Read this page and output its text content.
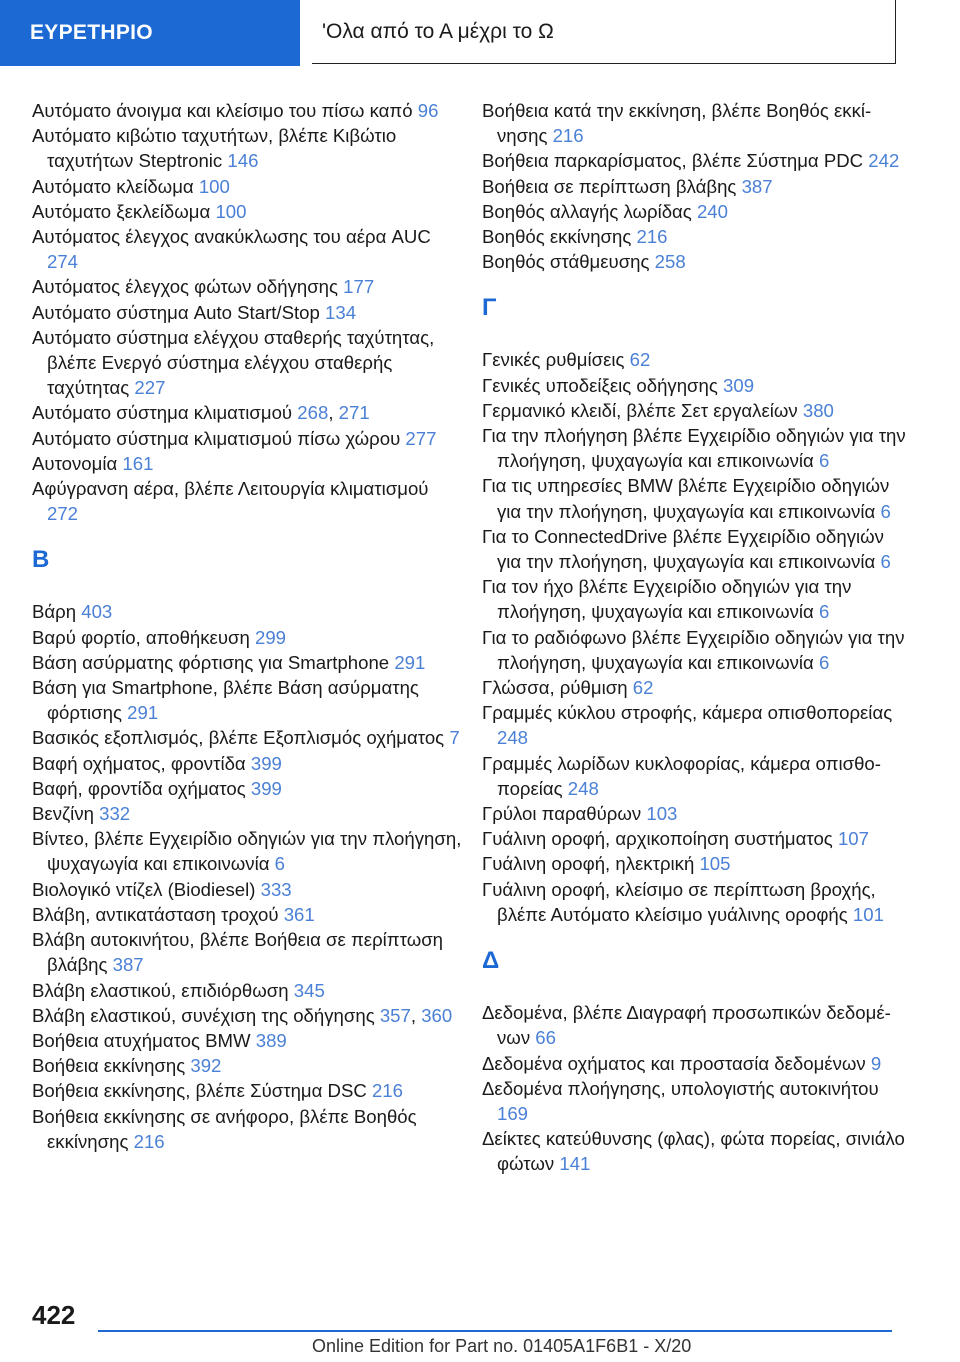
ΕΥΡΕΤΗΡΙΟ	'Ολα από το Α μέχρι το Ω
Αυτόματο άνοιγμα και κλείσιμο του πίσω καπό 96
Αυτόματο κιβώτιο ταχυτήτων, βλέπε Κιβώτιο ταχυτήτων Steptronic 146
Αυτόματο κλείδωμα 100
Αυτόματο ξεκλείδωμα 100
Αυτόματος έλεγχος ανακύκλωσης του αέρα AUC 274
Αυτόματος έλεγχος φώτων οδήγησης 177
Αυτόματο σύστημα Auto Start/Stop 134
Αυτόματο σύστημα ελέγχου σταθερής ταχύτητας, βλέπε Ενεργό σύστημα ελέγχου σταθερής ταχύτητας 227
Αυτόματο σύστημα κλιματισμού 268, 271
Αυτόματο σύστημα κλιματισμού πίσω χώρου 277
Αυτονομία 161
Αφύγρανση αέρα, βλέπε Λειτουργία κλιματισμού 272
Β
Βάρη 403
Βαρύ φορτίο, αποθήκευση 299
Βάση ασύρματης φόρτισης για Smartphone 291
Βάση για Smartphone, βλέπε Βάση ασύρματης φόρτισης 291
Βασικός εξοπλισμός, βλέπε Εξοπλισμός οχήματος 7
Βαφή οχήματος, φροντίδα 399
Βαφή, φροντίδα οχήματος 399
Βενζίνη 332
Βίντεο, βλέπε Εγχειρίδιο οδηγιών για την πλοήγηση, ψυχαγωγία και επικοινωνία 6
Βιολογικό ντίζελ (Biodiesel) 333
Βλάβη, αντικατάσταση τροχού 361
Βλάβη αυτοκινήτου, βλέπε Βοήθεια σε περίπτωση βλάβης 387
Βλάβη ελαστικού, επιδιόρθωση 345
Βλάβη ελαστικού, συνέχιση της οδήγησης 357, 360
Βοήθεια ατυχήματος BMW 389
Βοήθεια εκκίνησης 392
Βοήθεια εκκίνησης, βλέπε Σύστημα DSC 216
Βοήθεια εκκίνησης σε ανήφορο, βλέπε Βοηθός εκκίνησης 216
Βοήθεια κατά την εκκίνηση, βλέπε Βοηθός εκκίνησης 216
Βοήθεια παρκαρίσματος, βλέπε Σύστημα PDC 242
Βοήθεια σε περίπτωση βλάβης 387
Βοηθός αλλαγής λωρίδας 240
Βοηθός εκκίνησης 216
Βοηθός στάθμευσης 258
Γ
Γενικές ρυθμίσεις 62
Γενικές υποδείξεις οδήγησης 309
Γερμανικό κλειδί, βλέπε Σετ εργαλείων 380
Για την πλοήγηση βλέπε Εγχειρίδιο οδηγιών για την πλοήγηση, ψυχαγωγία και επικοινωνία 6
Για τις υπηρεσίες BMW βλέπε Εγχειρίδιο οδηγιών για την πλοήγηση, ψυχαγωγία και επικοινωνία 6
Για το ConnectedDrive βλέπε Εγχειρίδιο οδηγιών για την πλοήγηση, ψυχαγωγία και επικοινωνία 6
Για τον ήχο βλέπε Εγχειρίδιο οδηγιών για την πλοήγηση, ψυχαγωγία και επικοινωνία 6
Για το ραδιόφωνο βλέπε Εγχειρίδιο οδηγιών για την πλοήγηση, ψυχαγωγία και επικοινωνία 6
Γλώσσα, ρύθμιση 62
Γραμμές κύκλου στροφής, κάμερα οπισθοπορείας 248
Γραμμές λωρίδων κυκλοφορίας, κάμερα οπισθοπορείας 248
Γρύλοι παραθύρων 103
Γυάλινη οροφή, αρχικοποίηση συστήματος 107
Γυάλινη οροφή, ηλεκτρική 105
Γυάλινη οροφή, κλείσιμο σε περίπτωση βροχής, βλέπε Αυτόματο κλείσιμο γυάλινης οροφής 101
Δ
Δεδομένα, βλέπε Διαγραφή προσωπικών δεδομένων 66
Δεδομένα οχήματος και προστασία δεδομένων 9
Δεδομένα πλοήγησης, υπολογιστής αυτοκινήτου 169
Δείκτες κατεύθυνσης (φλας), φώτα πορείας, σινιάλο φώτων 141
422
Online Edition for Part no. 01405A1F6B1 - X/20
